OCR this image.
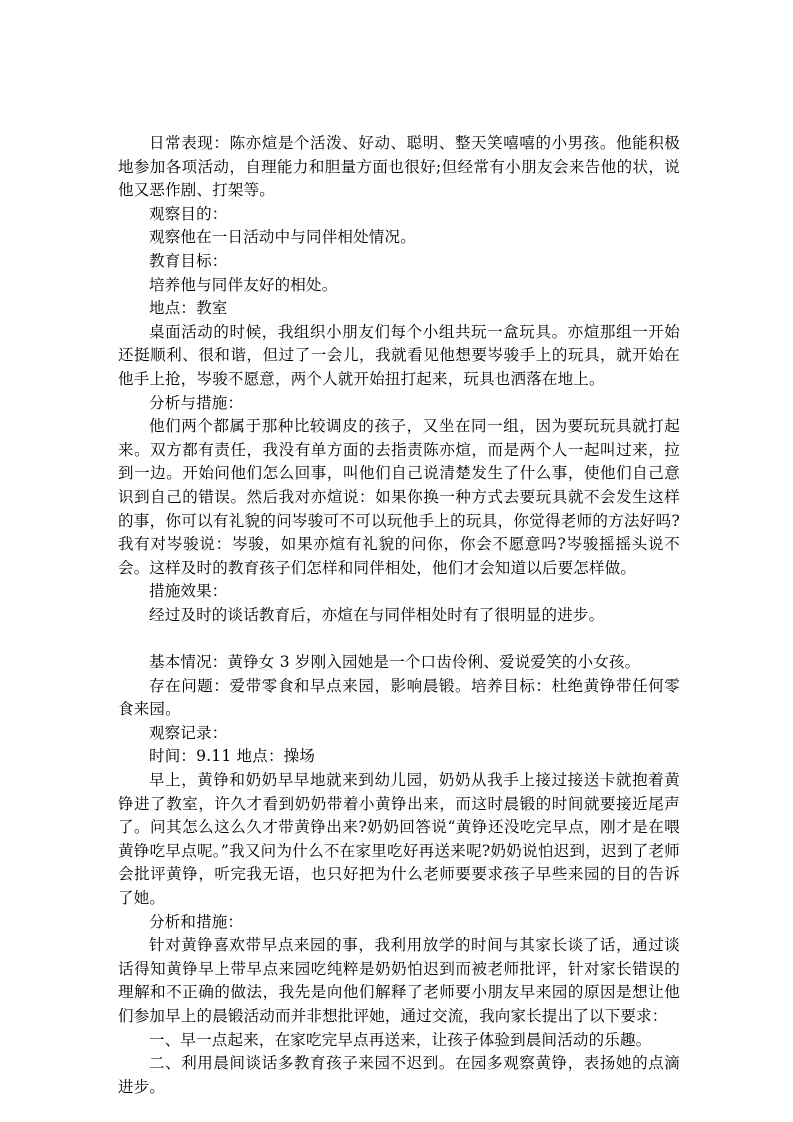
日常表现：陈亦煊是个活泼、好动、聪明、整天笑嘻嘻的小男孩。他能积极地参加各项活动，自理能力和胆量方面也很好;但经常有小朋友会来告他的状，说他又恶作剧、打架等。

观察目的：

观察他在一日活动中与同伴相处情况。

教育目标：

培养他与同伴友好的相处。

地点：教室

桌面活动的时候，我组织小朋友们每个小组共玩一盒玩具。亦煊那组一开始还挺顺利、很和谐，但过了一会儿，我就看见他想要岑骏手上的玩具，就开始在他手上抢，岑骏不愿意，两个人就开始扭打起来，玩具也洒落在地上。

分析与措施：

他们两个都属于那种比较调皮的孩子，又坐在同一组，因为要玩玩具就打起来。双方都有责任，我没有单方面的去指责陈亦煊，而是两个人一起叫过来，拉到一边。开始问他们怎么回事，叫他们自己说清楚发生了什么事，使他们自己意识到自己的错误。然后我对亦煊说：如果你换一种方式去要玩具就不会发生这样的事，你可以有礼貌的问岑骏可不可以玩他手上的玩具，你觉得老师的方法好吗?我有对岑骏说：岑骏，如果亦煊有礼貌的问你，你会不愿意吗?岑骏摇摇头说不会。这样及时的教育孩子们怎样和同伴相处，他们才会知道以后要怎样做。

措施效果：

经过及时的谈话教育后，亦煊在与同伴相处时有了很明显的进步。

基本情况：黄铮女 3 岁刚入园她是一个口齿伶俐、爱说爱笑的小女孩。

存在问题：爱带零食和早点来园，影响晨锻。培养目标：杜绝黄铮带任何零食来园。

观察记录：

时间：9.11 地点：操场

早上，黄铮和奶奶早早地就来到幼儿园，奶奶从我手上接过接送卡就抱着黄铮进了教室，许久才看到奶奶带着小黄铮出来，而这时晨锻的时间就要接近尾声了。问其怎么这么久才带黄铮出来?奶奶回答说“黄铮还没吃完早点，刚才是在喂黄铮吃早点呢。”我又问为什么不在家里吃好再送来呢?奶奶说怕迟到，迟到了老师会批评黄铮，听完我无语，也只好把为什么老师要要求孩子早些来园的目的告诉了她。

分析和措施：

针对黄铮喜欢带早点来园的事，我利用放学的时间与其家长谈了话，通过谈话得知黄铮早上带早点来园吃纯粹是奶奶怕迟到而被老师批评，针对家长错误的理解和不正确的做法，我先是向他们解释了老师要小朋友早来园的原因是想让他们参加早上的晨锻活动而并非想批评她，通过交流，我向家长提出了以下要求：

一、早一点起来，在家吃完早点再送来，让孩子体验到晨间活动的乐趣。

二、利用晨间谈话多教育孩子来园不迟到。在园多观察黄铮，表扬她的点滴进步。
